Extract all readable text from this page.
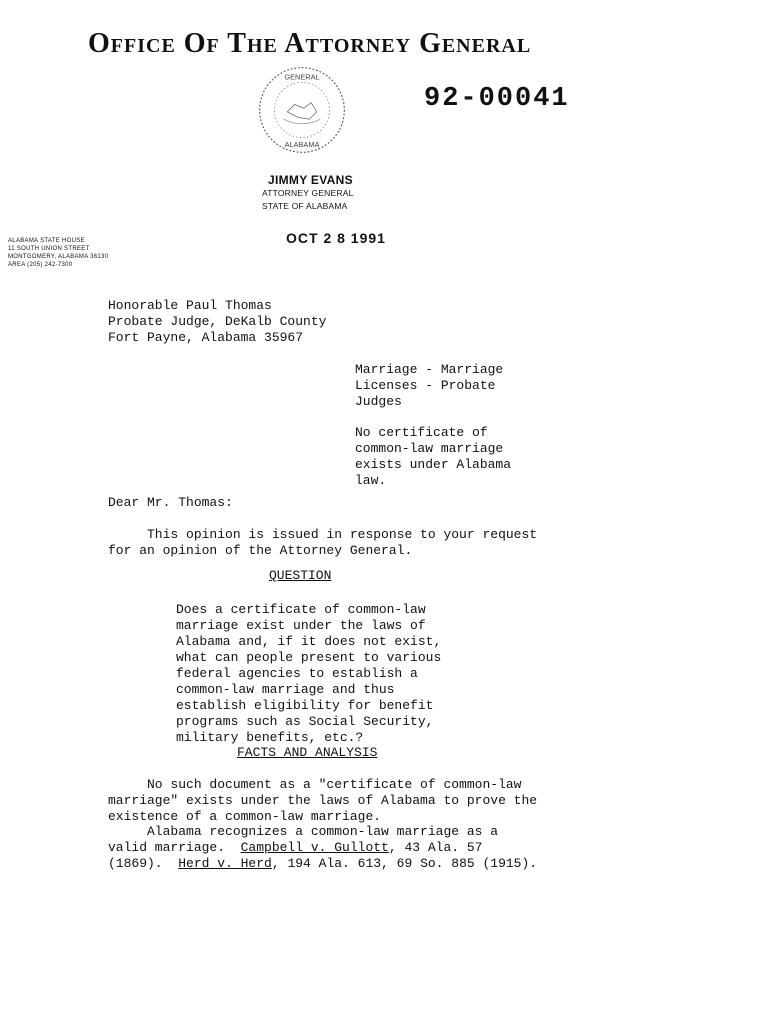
Office Of The Attorney General
92-00041
GENERAL
ALABAMA
JIMMY EVANS
ATTORNEY GENERAL
STATE OF ALABAMA
OCT 2 8 1991
ALABAMA STATE HOUSE
11 SOUTH UNION STREET
MONTGOMERY, ALABAMA 36130
AREA (205) 242-7300
Honorable Paul Thomas
Probate Judge, DeKalb County
Fort Payne, Alabama 35967
Marriage - Marriage
Licenses - Probate
Judges
No certificate of
common-law marriage
exists under Alabama
law.
Dear Mr. Thomas:
This opinion is issued in response to your request
for an opinion of the Attorney General.
QUESTION
Does a certificate of common-law
marriage exist under the laws of
Alabama and, if it does not exist,
what can people present to various
federal agencies to establish a
common-law marriage and thus
establish eligibility for benefit
programs such as Social Security,
military benefits, etc.?
FACTS AND ANALYSIS
No such document as a "certificate of common-law
marriage" exists under the laws of Alabama to prove the
existence of a common-law marriage.
Alabama recognizes a common-law marriage as a
valid marriage.  Campbell v. Gullott, 43 Ala. 57
(1869).  Herd v. Herd, 194 Ala. 613, 69 So. 885 (1915).
